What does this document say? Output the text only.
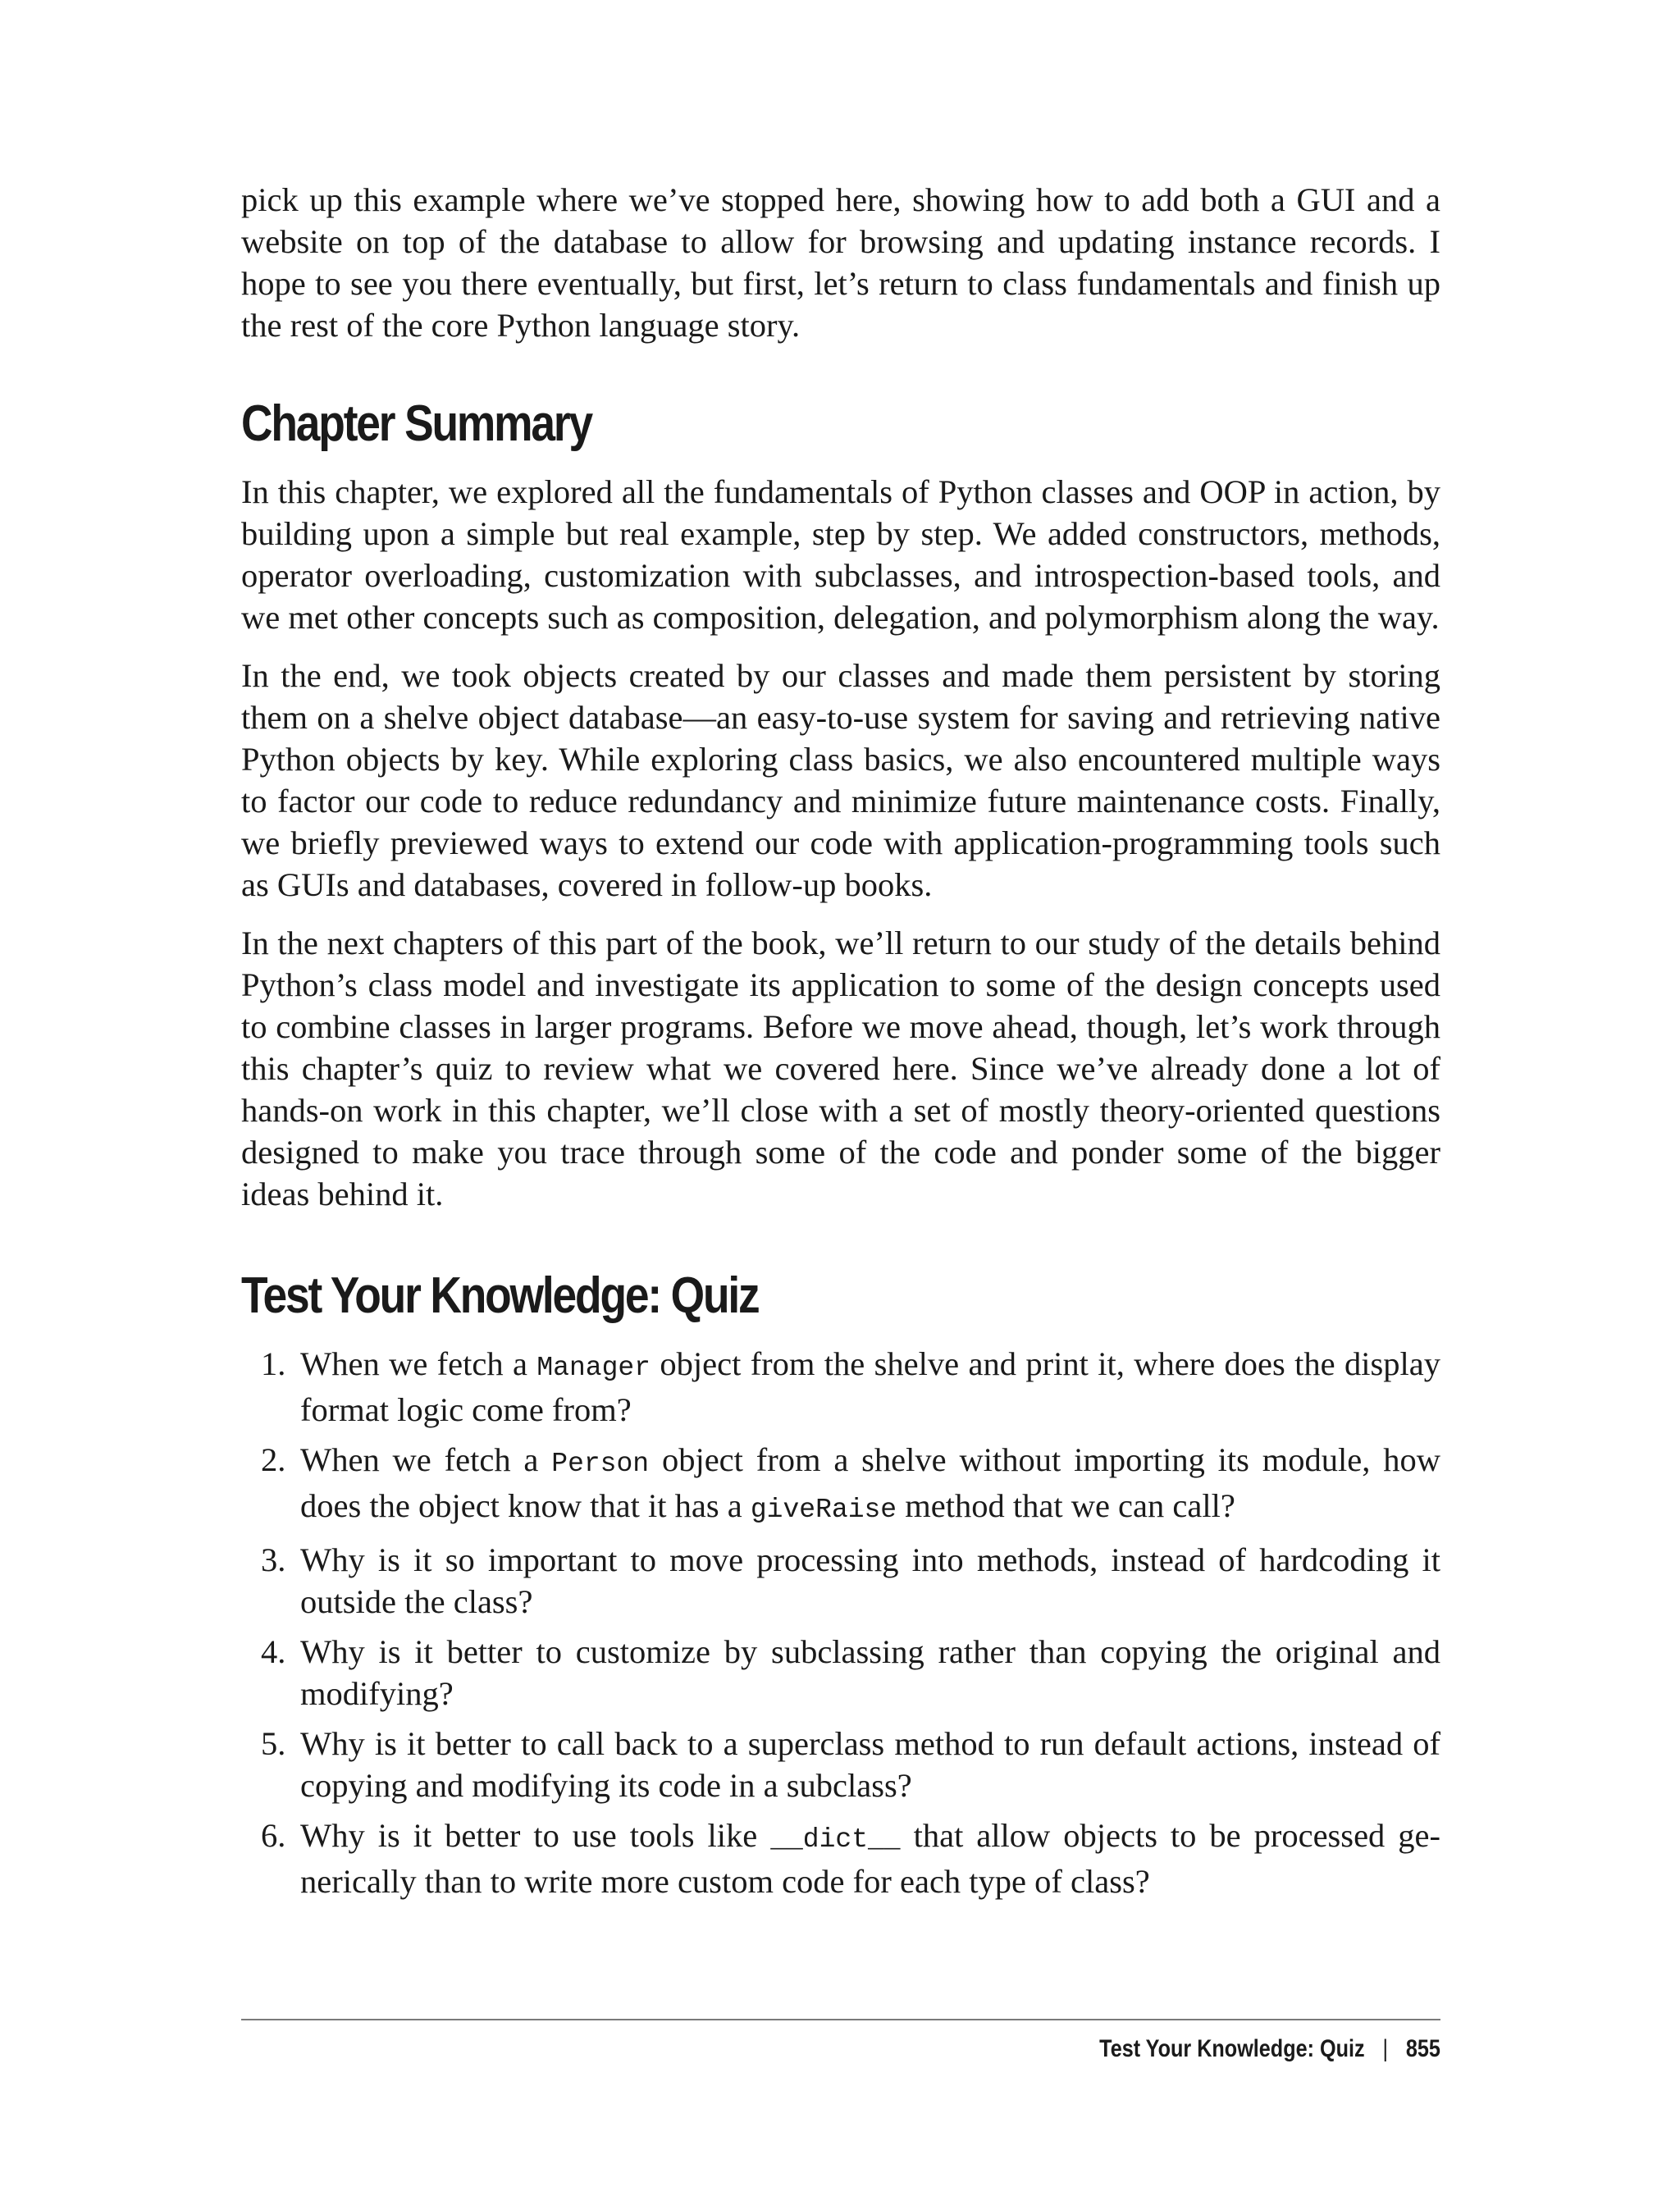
pick up this example where we’ve stopped here, showing how to add both a GUI and a website on top of the database to allow for browsing and updating instance records. I hope to see you there eventually, but first, let’s return to class fundamentals and finish up the rest of the core Python language story.

Chapter Summary

In this chapter, we explored all the fundamentals of Python classes and OOP in action, by building upon a simple but real example, step by step. We added constructors, methods, operator overloading, customization with subclasses, and introspection-based tools, and we met other concepts such as composition, delegation, and polymorphism along the way.

In the end, we took objects created by our classes and made them persistent by storing them on a shelve object database—an easy-to-use system for saving and retrieving native Python objects by key. While exploring class basics, we also encountered multiple ways to factor our code to reduce redundancy and minimize future maintenance costs. Finally, we briefly previewed ways to extend our code with application-programming tools such as GUIs and databases, covered in follow-up books.

In the next chapters of this part of the book, we’ll return to our study of the details behind Python’s class model and investigate its application to some of the design concepts used to combine classes in larger programs. Before we move ahead, though, let’s work through this chapter’s quiz to review what we covered here. Since we’ve already done a lot of hands-on work in this chapter, we’ll close with a set of mostly theory-oriented questions designed to make you trace through some of the code and ponder some of the bigger ideas behind it.

Test Your Knowledge: Quiz
1. When we fetch a Manager object from the shelve and print it, where does the display format logic come from?
2. When we fetch a Person object from a shelve without importing its module, how does the object know that it has a giveRaise method that we can call?
3. Why is it so important to move processing into methods, instead of hardcoding it outside the class?
4. Why is it better to customize by subclassing rather than copying the original and modifying?
5. Why is it better to call back to a superclass method to run default actions, instead of copying and modifying its code in a subclass?
6. Why is it better to use tools like __dict__ that allow objects to be processed generically than to write more custom code for each type of class?
Test Your Knowledge: Quiz | 855
